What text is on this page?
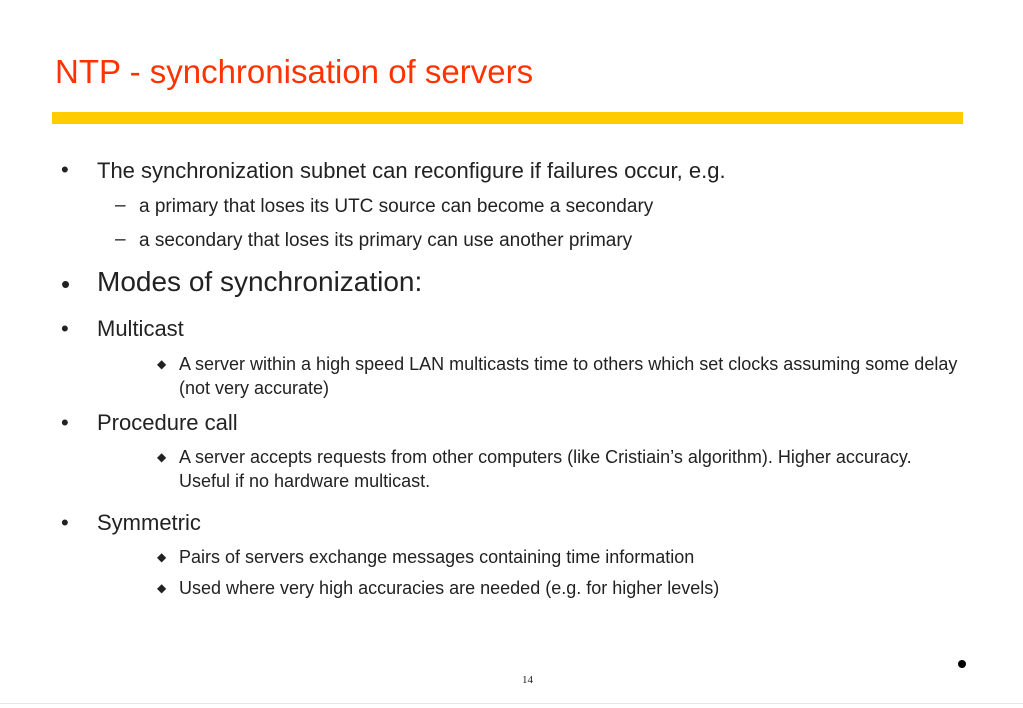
NTP - synchronisation of servers
• The synchronization subnet can reconfigure if failures occur, e.g.
– a primary that loses its UTC source can become a secondary
– a secondary that loses its primary can use another primary
• Modes of synchronization:
• Multicast
◆ A server within a high speed LAN multicasts time to others which set clocks assuming some delay (not very accurate)
• Procedure call
◆ A server accepts requests from other computers (like Cristiain’s algorithm). Higher accuracy. Useful if no hardware multicast.
• Symmetric
◆ Pairs of servers exchange messages containing time information
◆ Used where very high accuracies are needed (e.g. for higher levels)
14
